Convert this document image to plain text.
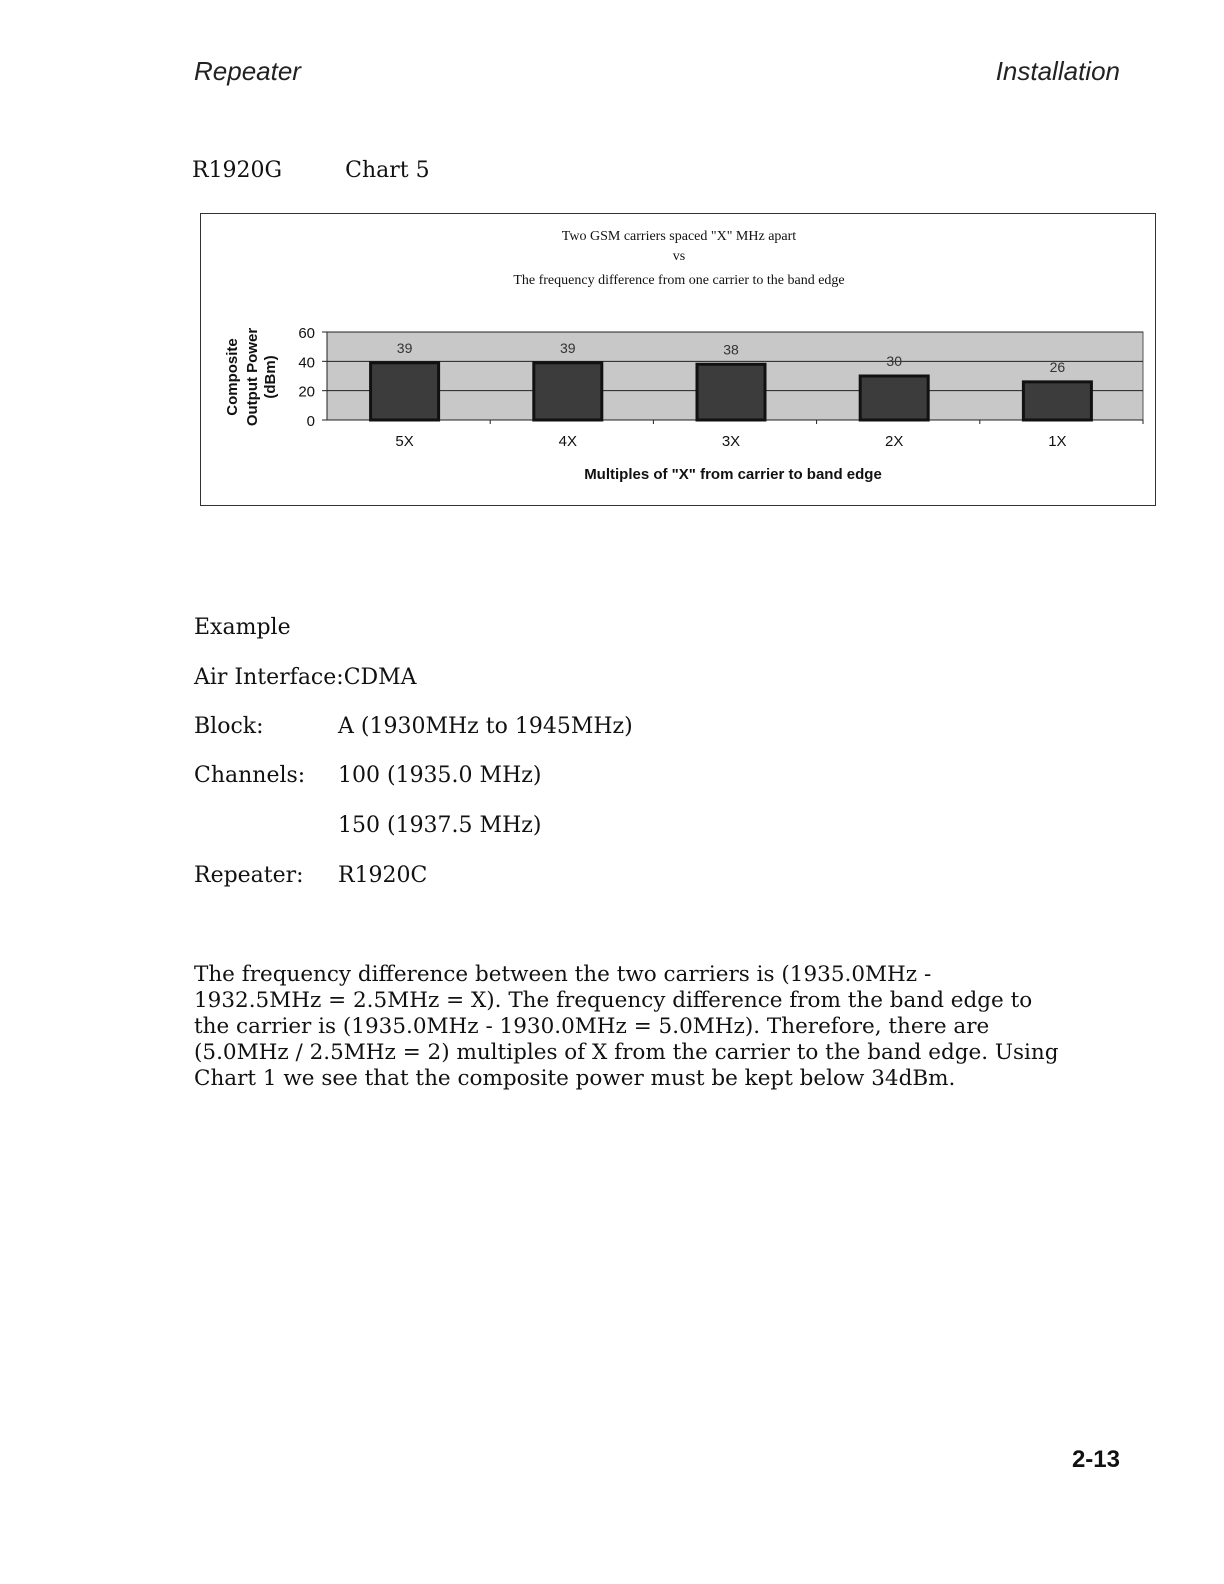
Repeater	Installation
R1920G	Chart 5
Two GSM carriers spaced "X" MHz apart
vs
The frequency difference from one carrier to the band edge
0
20
40
60
39
5X
39
4X
38
3X
30
2X
26
1X
Multiples of "X" from carrier to band edge
Composite Output Power (dBm)
Example
Air Interface:CDMA
Block:	A (1930MHz to 1945MHz)
Channels: 100 (1935.0 MHz)
150 (1937.5 MHz)
Repeater: R1920C
The frequency difference between the two carriers is (1935.0MHz - 1932.5MHz = 2.5MHz = X). The frequency difference from the band edge to the carrier is (1935.0MHz - 1930.0MHz = 5.0MHz). Therefore, there are (5.0MHz / 2.5MHz = 2) multiples of X from the carrier to the band edge. Using Chart 1 we see that the composite power must be kept below 34dBm.
2-13
